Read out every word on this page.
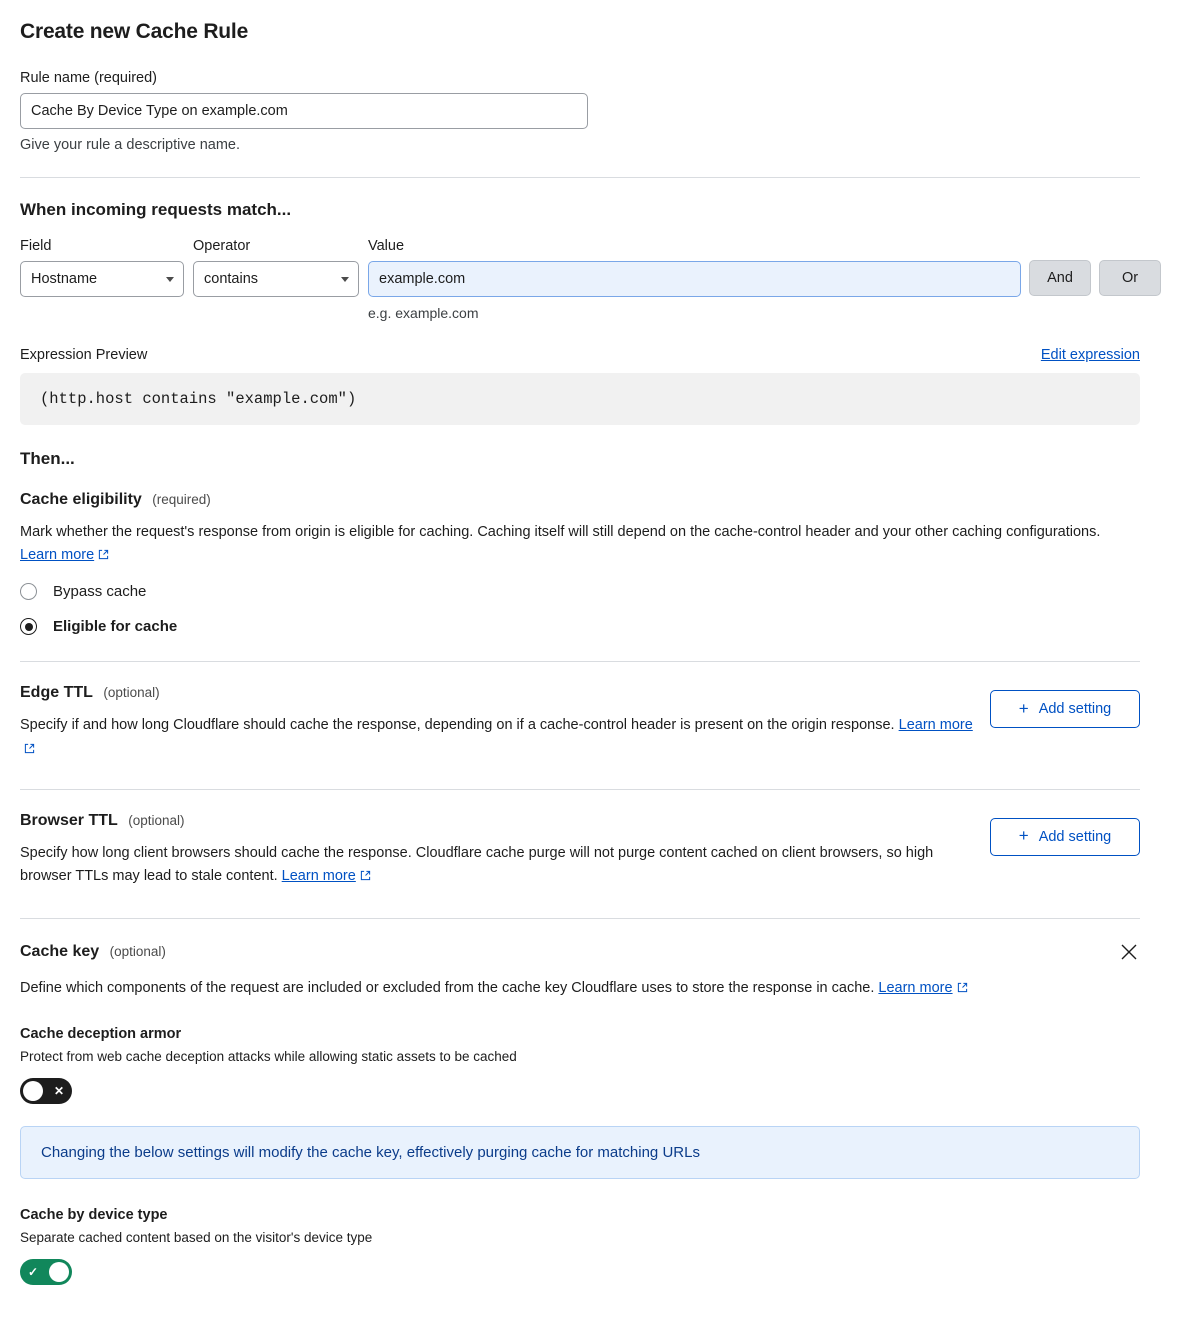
Create new Cache Rule
Rule name (required)
Cache By Device Type on example.com
Give your rule a descriptive name.
When incoming requests match...
Field
Hostname
Operator
contains
Value
example.com
e.g. example.com
And	Or
Expression Preview	Edit expression
(http.host contains "example.com")
Then...
Cache eligibility (required)
Mark whether the request's response from origin is eligible for caching. Caching itself will still depend on the cache-control header and your other caching configurations. Learn more
Bypass cache
Eligible for cache
Edge TTL (optional)
Specify if and how long Cloudflare should cache the response, depending on if a cache-control header is present on the origin response. Learn more
+ Add setting
Browser TTL (optional)
Specify how long client browsers should cache the response. Cloudflare cache purge will not purge content cached on client browsers, so high browser TTLs may lead to stale content. Learn more
+ Add setting
Cache key (optional)
Define which components of the request are included or excluded from the cache key Cloudflare uses to store the response in cache. Learn more
Cache deception armor
Protect from web cache deception attacks while allowing static assets to be cached
✕
Changing the below settings will modify the cache key, effectively purging cache for matching URLs
Cache by device type
Separate cached content based on the visitor's device type
✓
